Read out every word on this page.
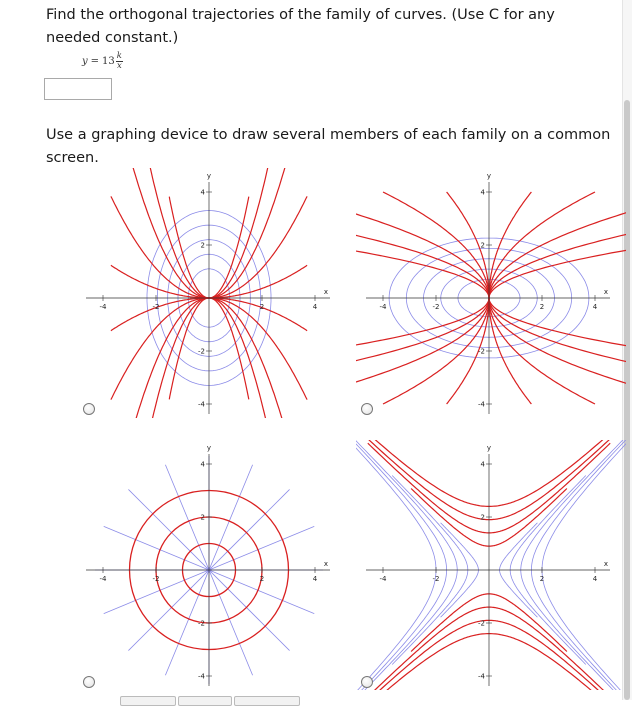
Find the orthogonal trajectories of the family of curves. (Use C for any needed constant.)
$y = 13 \frac{k}{x}$
Use a graphing device to draw several members of each family on a common screen.
-4	-2	2	4
4
2
-2
-4
x
y
-4	-2	2	4
4
2
-2
-4
x
y
-4	-2	2	4
4
2
-2
-4
x
y
-4	-2	2	4
4
2
-2
-4
x
y
